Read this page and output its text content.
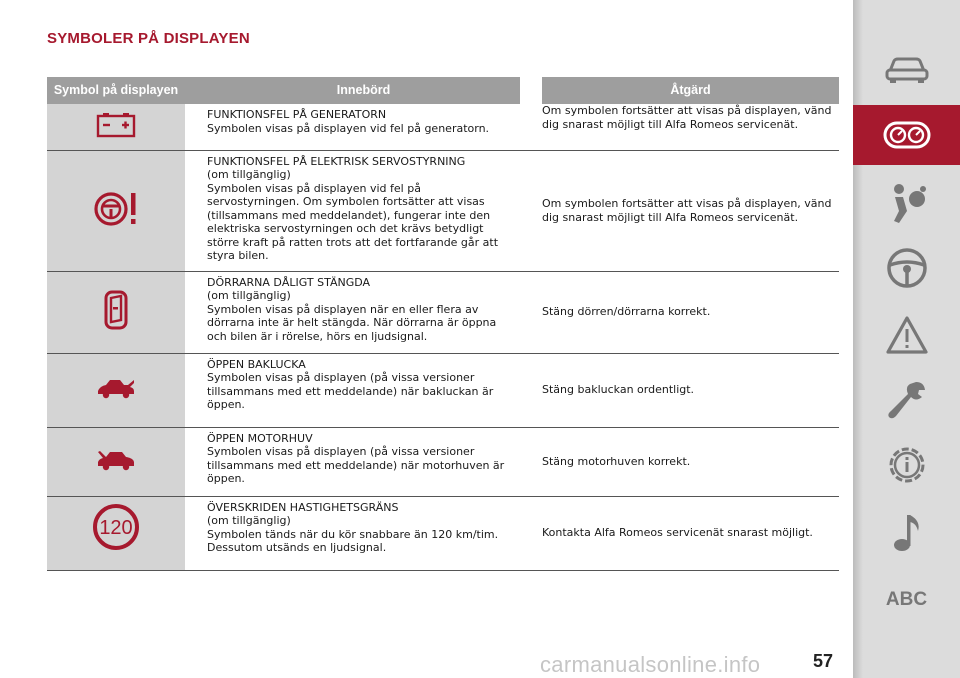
SYMBOLER PÅ DISPLAYEN
Symbol på displayen		Innebörd		Åtgärd

FUNKTIONSFEL PÅ GENERATORN
Symbolen visas på displayen vid fel på generatorn.		Om symbolen fortsätter att visas på displayen, vänd dig snarast möjligt till Alfa Romeos servicenät.

FUNKTIONSFEL PÅ ELEKTRISK SERVOSTYRNING
(om tillgänglig)
Symbolen visas på displayen vid fel på servostyrningen. Om symbolen fortsätter att visas (tillsammans med meddelandet), fungerar inte den elektriska servostyrningen och det krävs betydligt större kraft på ratten trots att det fortfarande går att styra bilen.		Om symbolen fortsätter att visas på displayen, vänd dig snarast möjligt till Alfa Romeos servicenät.

DÖRRARNA DÅLIGT STÄNGDA
(om tillgänglig)
Symbolen visas på displayen när en eller flera av dörrarna inte är helt stängda. När dörrarna är öppna och bilen är i rörelse, hörs en ljudsignal.		Stäng dörren/dörrarna korrekt.

ÖPPEN BAKLUCKA
Symbolen visas på displayen (på vissa versioner tillsammans med ett meddelande) när bakluckan är öppen.		Stäng bakluckan ordentligt.

ÖPPEN MOTORHUV
Symbolen visas på displayen (på vissa versioner tillsammans med ett meddelande) när motorhuven är öppen.		Stäng motorhuven korrekt.

120		ÖVERSKRIDEN HASTIGHETSGRÄNS
(om tillgänglig)
Symbolen tänds när du kör snabbare än 120 km/tim. Dessutom utsänds en ljudsignal.		Kontakta Alfa Romeos servicenät snarast möjligt.
ABC
carmanualsonline.info	57
